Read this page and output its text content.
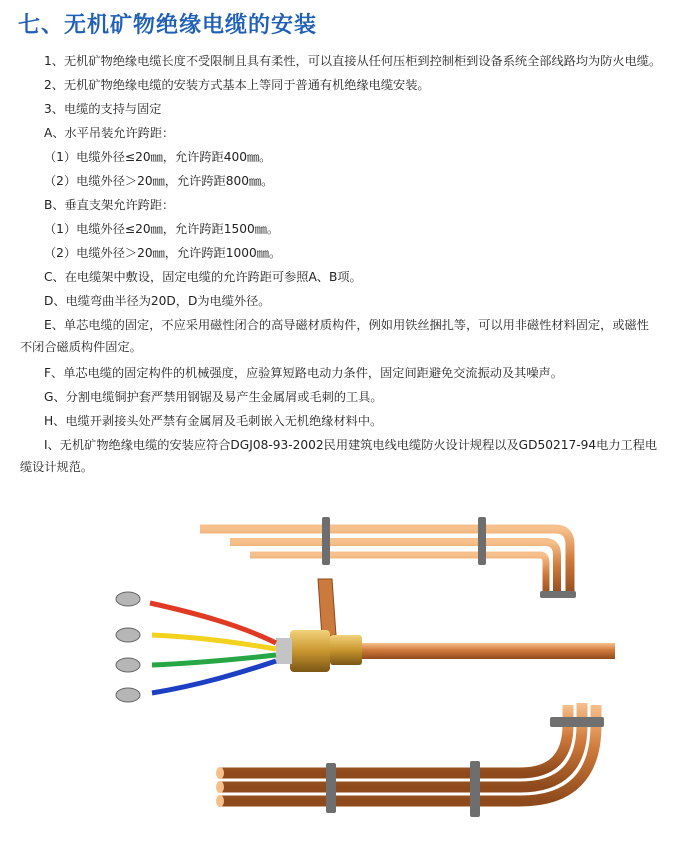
七、无机矿物绝缘电缆的安装
1、无机矿物绝缘电缆长度不受限制且具有柔性，可以直接从任何压柜到控制柜到设备系统全部线路均为防火电缆。
2、无机矿物绝缘电缆的安装方式基本上等同于普通有机绝缘电缆安装。
3、电缆的支持与固定
A、水平吊装允许跨距：
（1）电缆外径≤20㎜，允许跨距400㎜。
（2）电缆外径＞20㎜，允许跨距800㎜。
B、垂直支架允许跨距：
（1）电缆外径≤20㎜，允许跨距1500㎜。
（2）电缆外径＞20㎜，允许跨距1000㎜。
C、在电缆架中敷设，固定电缆的允许跨距可参照A、B项。
D、电缆弯曲半径为20D，D为电缆外径。
E、单芯电缆的固定，不应采用磁性闭合的高导磁材质构件，例如用铁丝捆扎等，可以用非磁性材料固定，或磁性
不闭合磁质构件固定。
F、单芯电缆的固定构件的机械强度，应验算短路电动力条件，固定间距避免交流振动及其噪声。
G、分割电缆铜护套严禁用钢锯及易产生金属屑或毛刺的工具。
H、电缆开剥接头处严禁有金属屑及毛刺嵌入无机绝缘材料中。
I、无机矿物绝缘电缆的安装应符合DGJ08-93-2002民用建筑电线电缆防火设计规程以及GD50217-94电力工程电
缆设计规范。
